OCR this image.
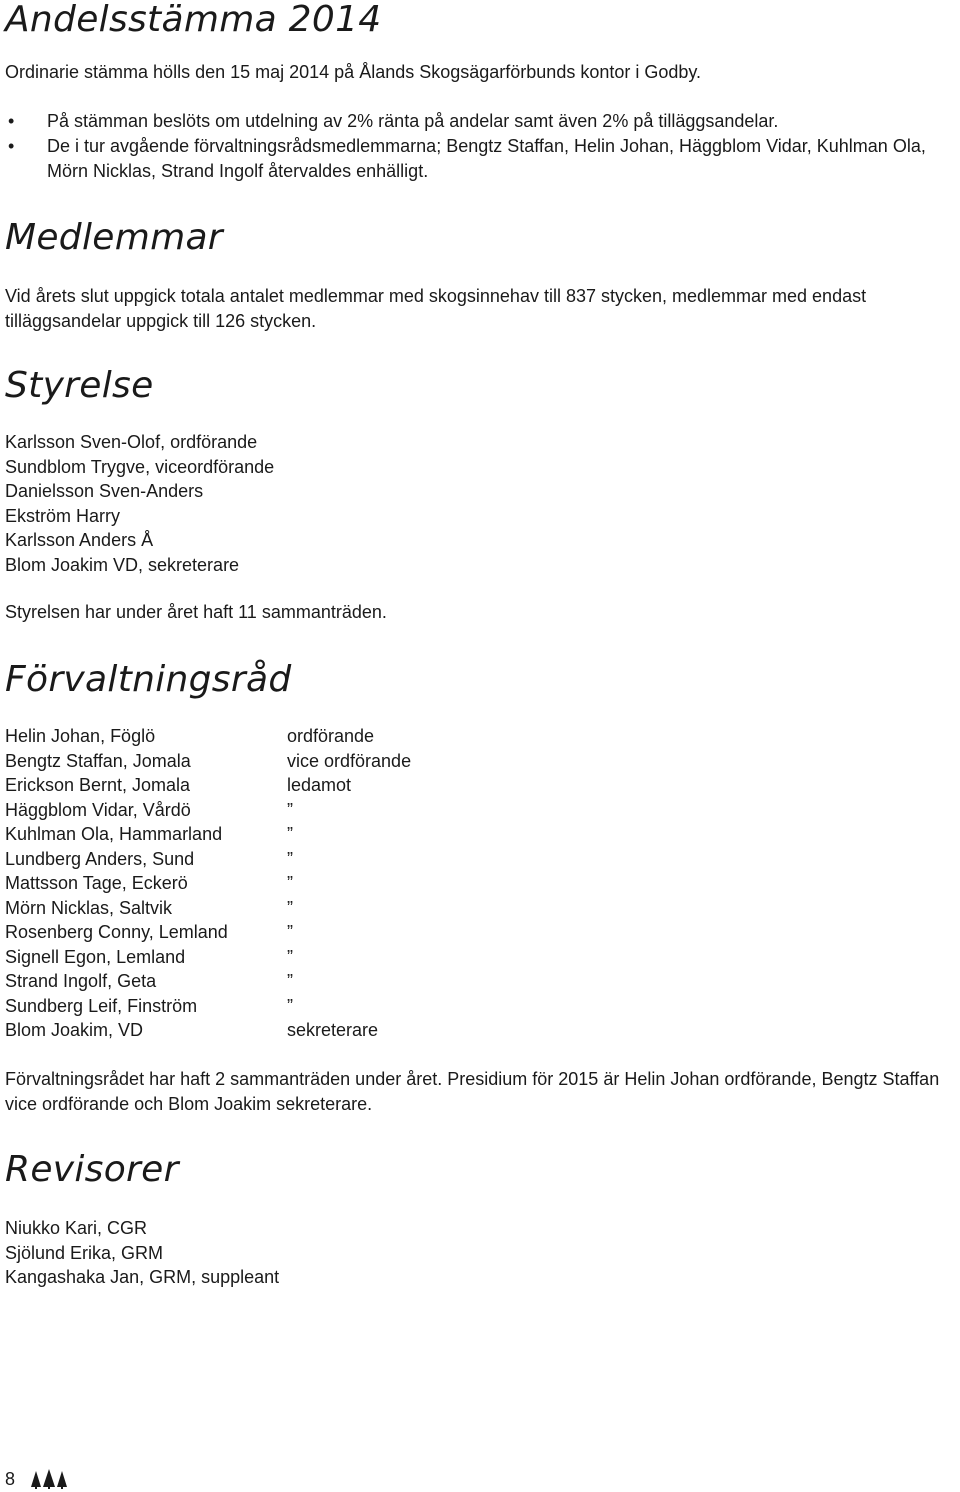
Andelsstämma 2014

Ordinarie stämma hölls den 15 maj 2014 på Ålands Skogsägarförbunds kontor i Godby.

• På stämman beslöts om utdelning av 2% ränta på andelar samt även 2% på tilläggsandelar.
• De i tur avgående förvaltningsrådsmedlemmarna; Bengtz Staffan, Helin Johan, Häggblom Vidar, Kuhlman Ola, Mörn Nicklas, Strand Ingolf återvaldes enhälligt.
Medlemmar

Vid årets slut uppgick totala antalet medlemmar med skogsinnehav till 837 stycken, medlemmar med endast tilläggsandelar uppgick till 126 stycken.

Styrelse
Karlsson Sven-Olof, ordförande
Sundblom Trygve, viceordförande
Danielsson Sven-Anders
Ekström Harry
Karlsson Anders Å
Blom Joakim VD, sekreterare

Styrelsen har under året haft 11 sammanträden.

Förvaltningsråd
Helin Johan, Föglö	ordförande
Bengtz Staffan, Jomala	vice ordförande
Erickson Bernt, Jomala	ledamot
Häggblom Vidar, Vårdö	”
Kuhlman Ola, Hammarland	”
Lundberg Anders, Sund	”
Mattsson Tage, Eckerö	”
Mörn Nicklas, Saltvik	”
Rosenberg Conny, Lemland	”
Signell Egon, Lemland	”
Strand Ingolf, Geta	”
Sundberg Leif, Finström	”
Blom Joakim, VD	sekreterare

Förvaltningsrådet har haft 2 sammanträden under året. Presidium för 2015 är Helin Johan ordförande, Bengtz Staffan vice ordförande och Blom Joakim sekreterare.

Revisorer
Niukko Kari, CGR
Sjölund Erika, GRM
Kangashaka Jan, GRM, suppleant
8
